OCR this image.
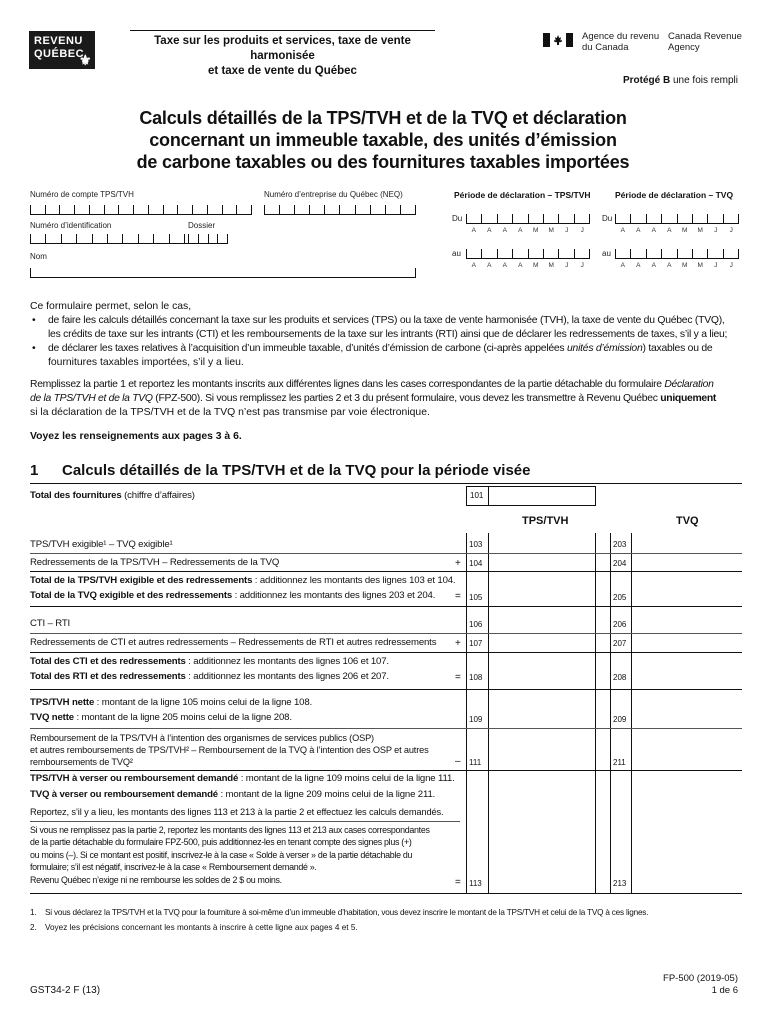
REVENU
QUÉBEC
⚜
Taxe sur les produits et services, taxe de vente harmonisée
et taxe de vente du Québec
Agence du revenu
du Canada
Canada Revenue
Agency
Protégé B une fois rempli
Calculs détaillés de la TPS/TVH et de la TVQ et déclaration
concernant un immeuble taxable, des unités d’émission
de carbone taxables ou des fournitures taxables importées
Numéro de compte TPS/TVH	Numéro d’entreprise du Québec (NEQ)
Numéro d’identification	Dossier
Nom
Période de déclaration – TPS/TVH
Du
A	A	A	A	M	M	J	J
au
A	A	A	A	M	M	J	J
Période de déclaration – TVQ
Du
A	A	A	A	M	M	J	J
au
A	A	A	A	M	M	J	J
Ce formulaire permet, selon le cas,
• de faire les calculs détaillés concernant la taxe sur les produits et services (TPS) ou la taxe de vente harmonisée (TVH), la taxe de vente du Québec (TVQ),
les crédits de taxe sur les intrants (CTI) et les remboursements de la taxe sur les intrants (RTI) ainsi que de déclarer les redressements de taxes, s’il y a lieu;
• de déclarer les taxes relatives à l’acquisition d’un immeuble taxable, d’unités d’émission de carbone (ci-après appelées unités d’émission) taxables ou de
fournitures taxables importées, s’il y a lieu.
Remplissez la partie 1 et reportez les montants inscrits aux différentes lignes dans les cases correspondantes de la partie détachable du formulaire Déclaration
de la TPS/TVH et de la TVQ (FPZ-500). Si vous remplissez les parties 2 et 3 du présent formulaire, vous devez les transmettre à Revenu Québec uniquement
si la déclaration de la TPS/TVH et de la TVQ n’est pas transmise par voie électronique.
Voyez les renseignements aux pages 3 à 6.
1 Calculs détaillés de la TPS/TVH et de la TVQ pour la période visée
Total des fournitures (chiffre d’affaires)	101
TPS/TVH	TVQ
TPS/TVH exigible¹ – TVQ exigible¹	103	203
Redressements de la TPS/TVH – Redressements de la TVQ	+ 104	204
Total de la TPS/TVH exigible et des redressements : additionnez les montants des lignes 103 et 104.
Total de la TVQ exigible et des redressements : additionnez les montants des lignes 203 et 204. = 105	205
CTI – RTI	106	206
Redressements de CTI et autres redressements – Redressements de RTI et autres redressements + 107	207
Total des CTI et des redressements : additionnez les montants des lignes 106 et 107.
Total des RTI et des redressements : additionnez les montants des lignes 206 et 207.	= 108	208
TPS/TVH nette : montant de la ligne 105 moins celui de la ligne 108.
TVQ nette : montant de la ligne 205 moins celui de la ligne 208.	109	209
Remboursement de la TPS/TVH à l’intention des organismes de services publics (OSP)
et autres remboursements de TPS/TVH² – Remboursement de la TVQ à l’intention des OSP et autres
remboursements de TVQ²	– 111	211
TPS/TVH à verser ou remboursement demandé : montant de la ligne 109 moins celui de la ligne 111.
TVQ à verser ou remboursement demandé : montant de la ligne 209 moins celui de la ligne 211.
Reportez, s’il y a lieu, les montants des lignes 113 et 213 à la partie 2 et effectuez les calculs demandés.
Si vous ne remplissez pas la partie 2, reportez les montants des lignes 113 et 213 aux cases correspondantes
de la partie détachable du formulaire FPZ-500, puis additionnez-les en tenant compte des signes plus (+)
ou moins (–). Si ce montant est positif, inscrivez-le à la case « Solde à verser » de la partie détachable du
formulaire; s’il est négatif, inscrivez-le à la case « Remboursement demandé ».
Revenu Québec n’exige ni ne rembourse les soldes de 2 $ ou moins.	= 113	213
1. Si vous déclarez la TPS/TVH et la TVQ pour la fourniture à soi-même d’un immeuble d’habitation, vous devez inscrire le montant de la TPS/TVH et celui de la TVQ à ces lignes.
2. Voyez les précisions concernant les montants à inscrire à cette ligne aux pages 4 et 5.
GST34-2 F (13)
FP-500 (2019-05)
1 de 6
